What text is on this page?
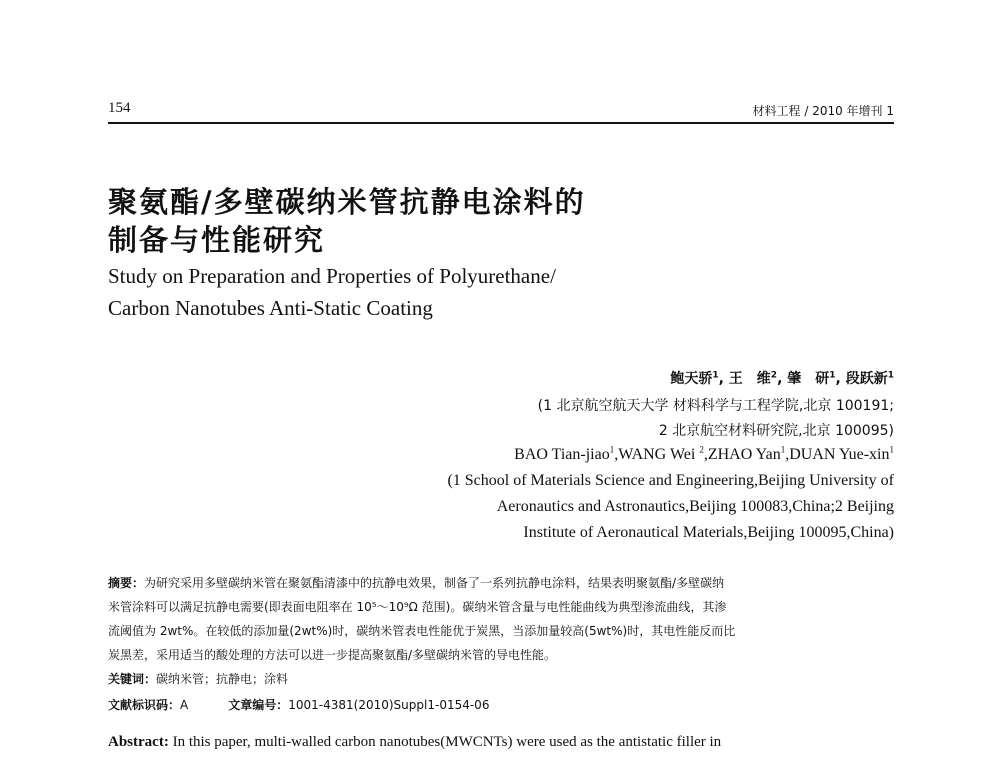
154	材料工程 / 2010 年增刊 1
聚氨酯/多壁碳纳米管抗静电涂料的
制备与性能研究
Study on Preparation and Properties of Polyurethane/
Carbon Nanotubes Anti-Static Coating
鲍天骄$^1$, 王　维$^2$, 肇　研$^1$, 段跃新$^1$
(1 北京航空航天大学 材料科学与工程学院,北京 100191;
2 北京航空材料研究院,北京 100095)
BAO Tian-jiao$^1$,WANG Wei $^2$,ZHAO Yan$^1$,DUAN Yue-xin$^1$
(1 School of Materials Science and Engineering,Beijing University of
Aeronautics and Astronautics,Beijing 100083,China;2 Beijing
Institute of Aeronautical Materials,Beijing 100095,China)
摘要：为研究采用多壁碳纳米管在聚氨酯清漆中的抗静电效果，制备了一系列抗静电涂料，结果表明聚氨酯/多壁碳纳
米管涂料可以满足抗静电需要(即表面电阻率在 10⁵～10⁹Ω 范围)。碳纳米管含量与电性能曲线为典型渗流曲线，其渗
流阈值为 2wt%。在较低的添加量(2wt%)时，碳纳米管表电性能优于炭黑，当添加量较高(5wt%)时，其电性能反而比
炭黑差，采用适当的酸处理的方法可以进一步提高聚氨酯/多壁碳纳米管的导电性能。
关键词：碳纳米管；抗静电；涂料
文献标识码：A	文章编号：1001-4381(2010)Suppl1-0154-06
Abstract: In this paper, multi-walled carbon nanotubes(MWCNTs) were used as the antistatic filler in
